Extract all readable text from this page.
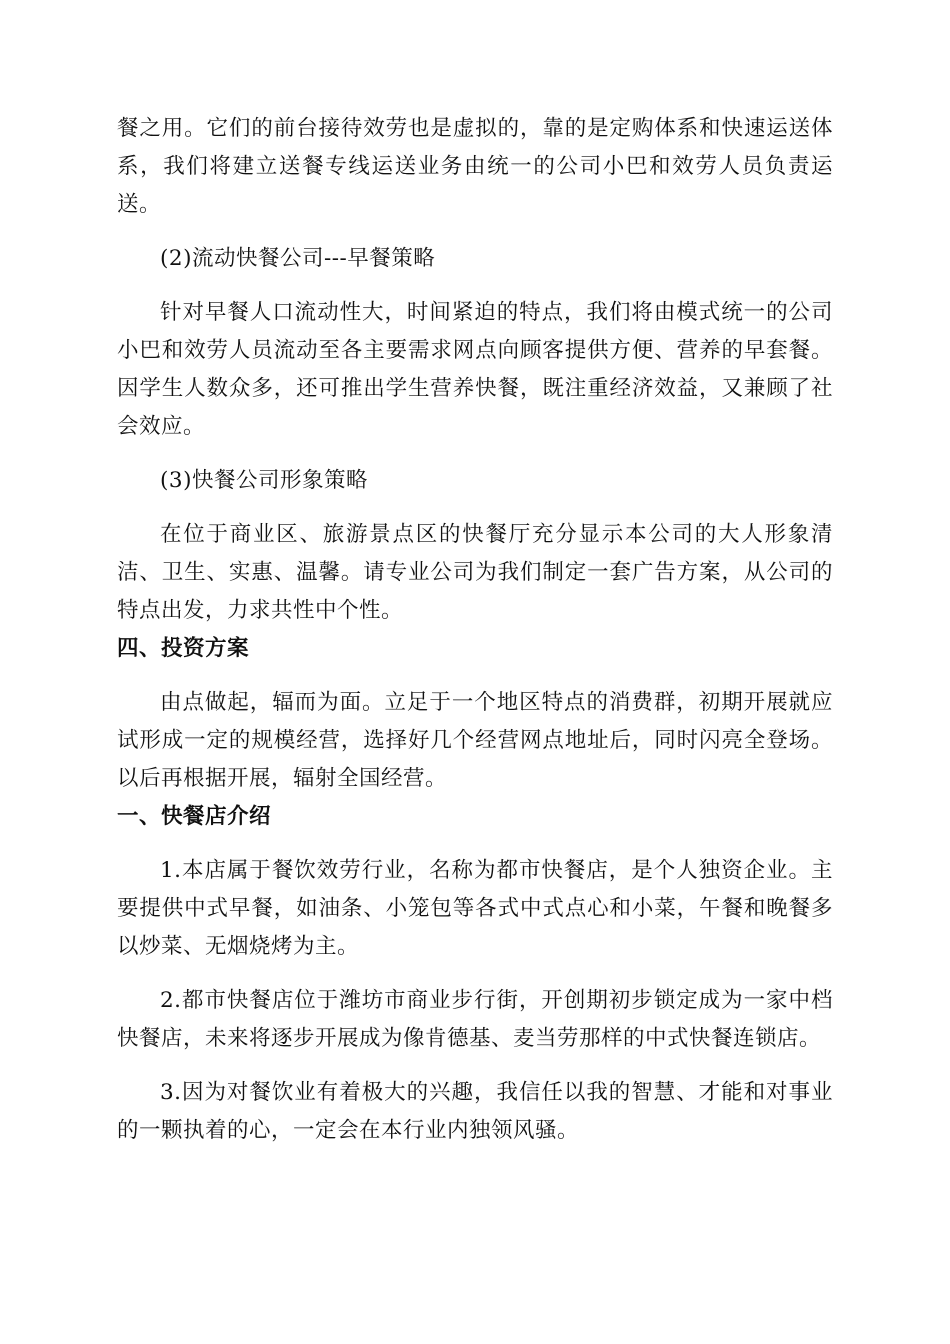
餐之用。它们的前台接待效劳也是虚拟的，靠的是定购体系和快速运送体系，我们将建立送餐专线运送业务由统一的公司小巴和效劳人员负责运送。

(2)流动快餐公司---早餐策略

针对早餐人口流动性大，时间紧迫的特点，我们将由模式统一的公司小巴和效劳人员流动至各主要需求网点向顾客提供方便、营养的早套餐。因学生人数众多，还可推出学生营养快餐，既注重经济效益，又兼顾了社会效应。

(3)快餐公司形象策略

在位于商业区、旅游景点区的快餐厅充分显示本公司的大人形象清洁、卫生、实惠、温馨。请专业公司为我们制定一套广告方案，从公司的特点出发，力求共性中个性。

四、投资方案

由点做起，辐而为面。立足于一个地区特点的消费群，初期开展就应试形成一定的规模经营，选择好几个经营网点地址后，同时闪亮全登场。以后再根据开展，辐射全国经营。

一、快餐店介绍

1.本店属于餐饮效劳行业，名称为都市快餐店，是个人独资企业。主要提供中式早餐，如油条、小笼包等各式中式点心和小菜，午餐和晚餐多以炒菜、无烟烧烤为主。

2.都市快餐店位于潍坊市商业步行街，开创期初步锁定成为一家中档快餐店，未来将逐步开展成为像肯德基、麦当劳那样的中式快餐连锁店。

3.因为对餐饮业有着极大的兴趣，我信任以我的智慧、才能和对事业的一颗执着的心，一定会在本行业内独领风骚。
